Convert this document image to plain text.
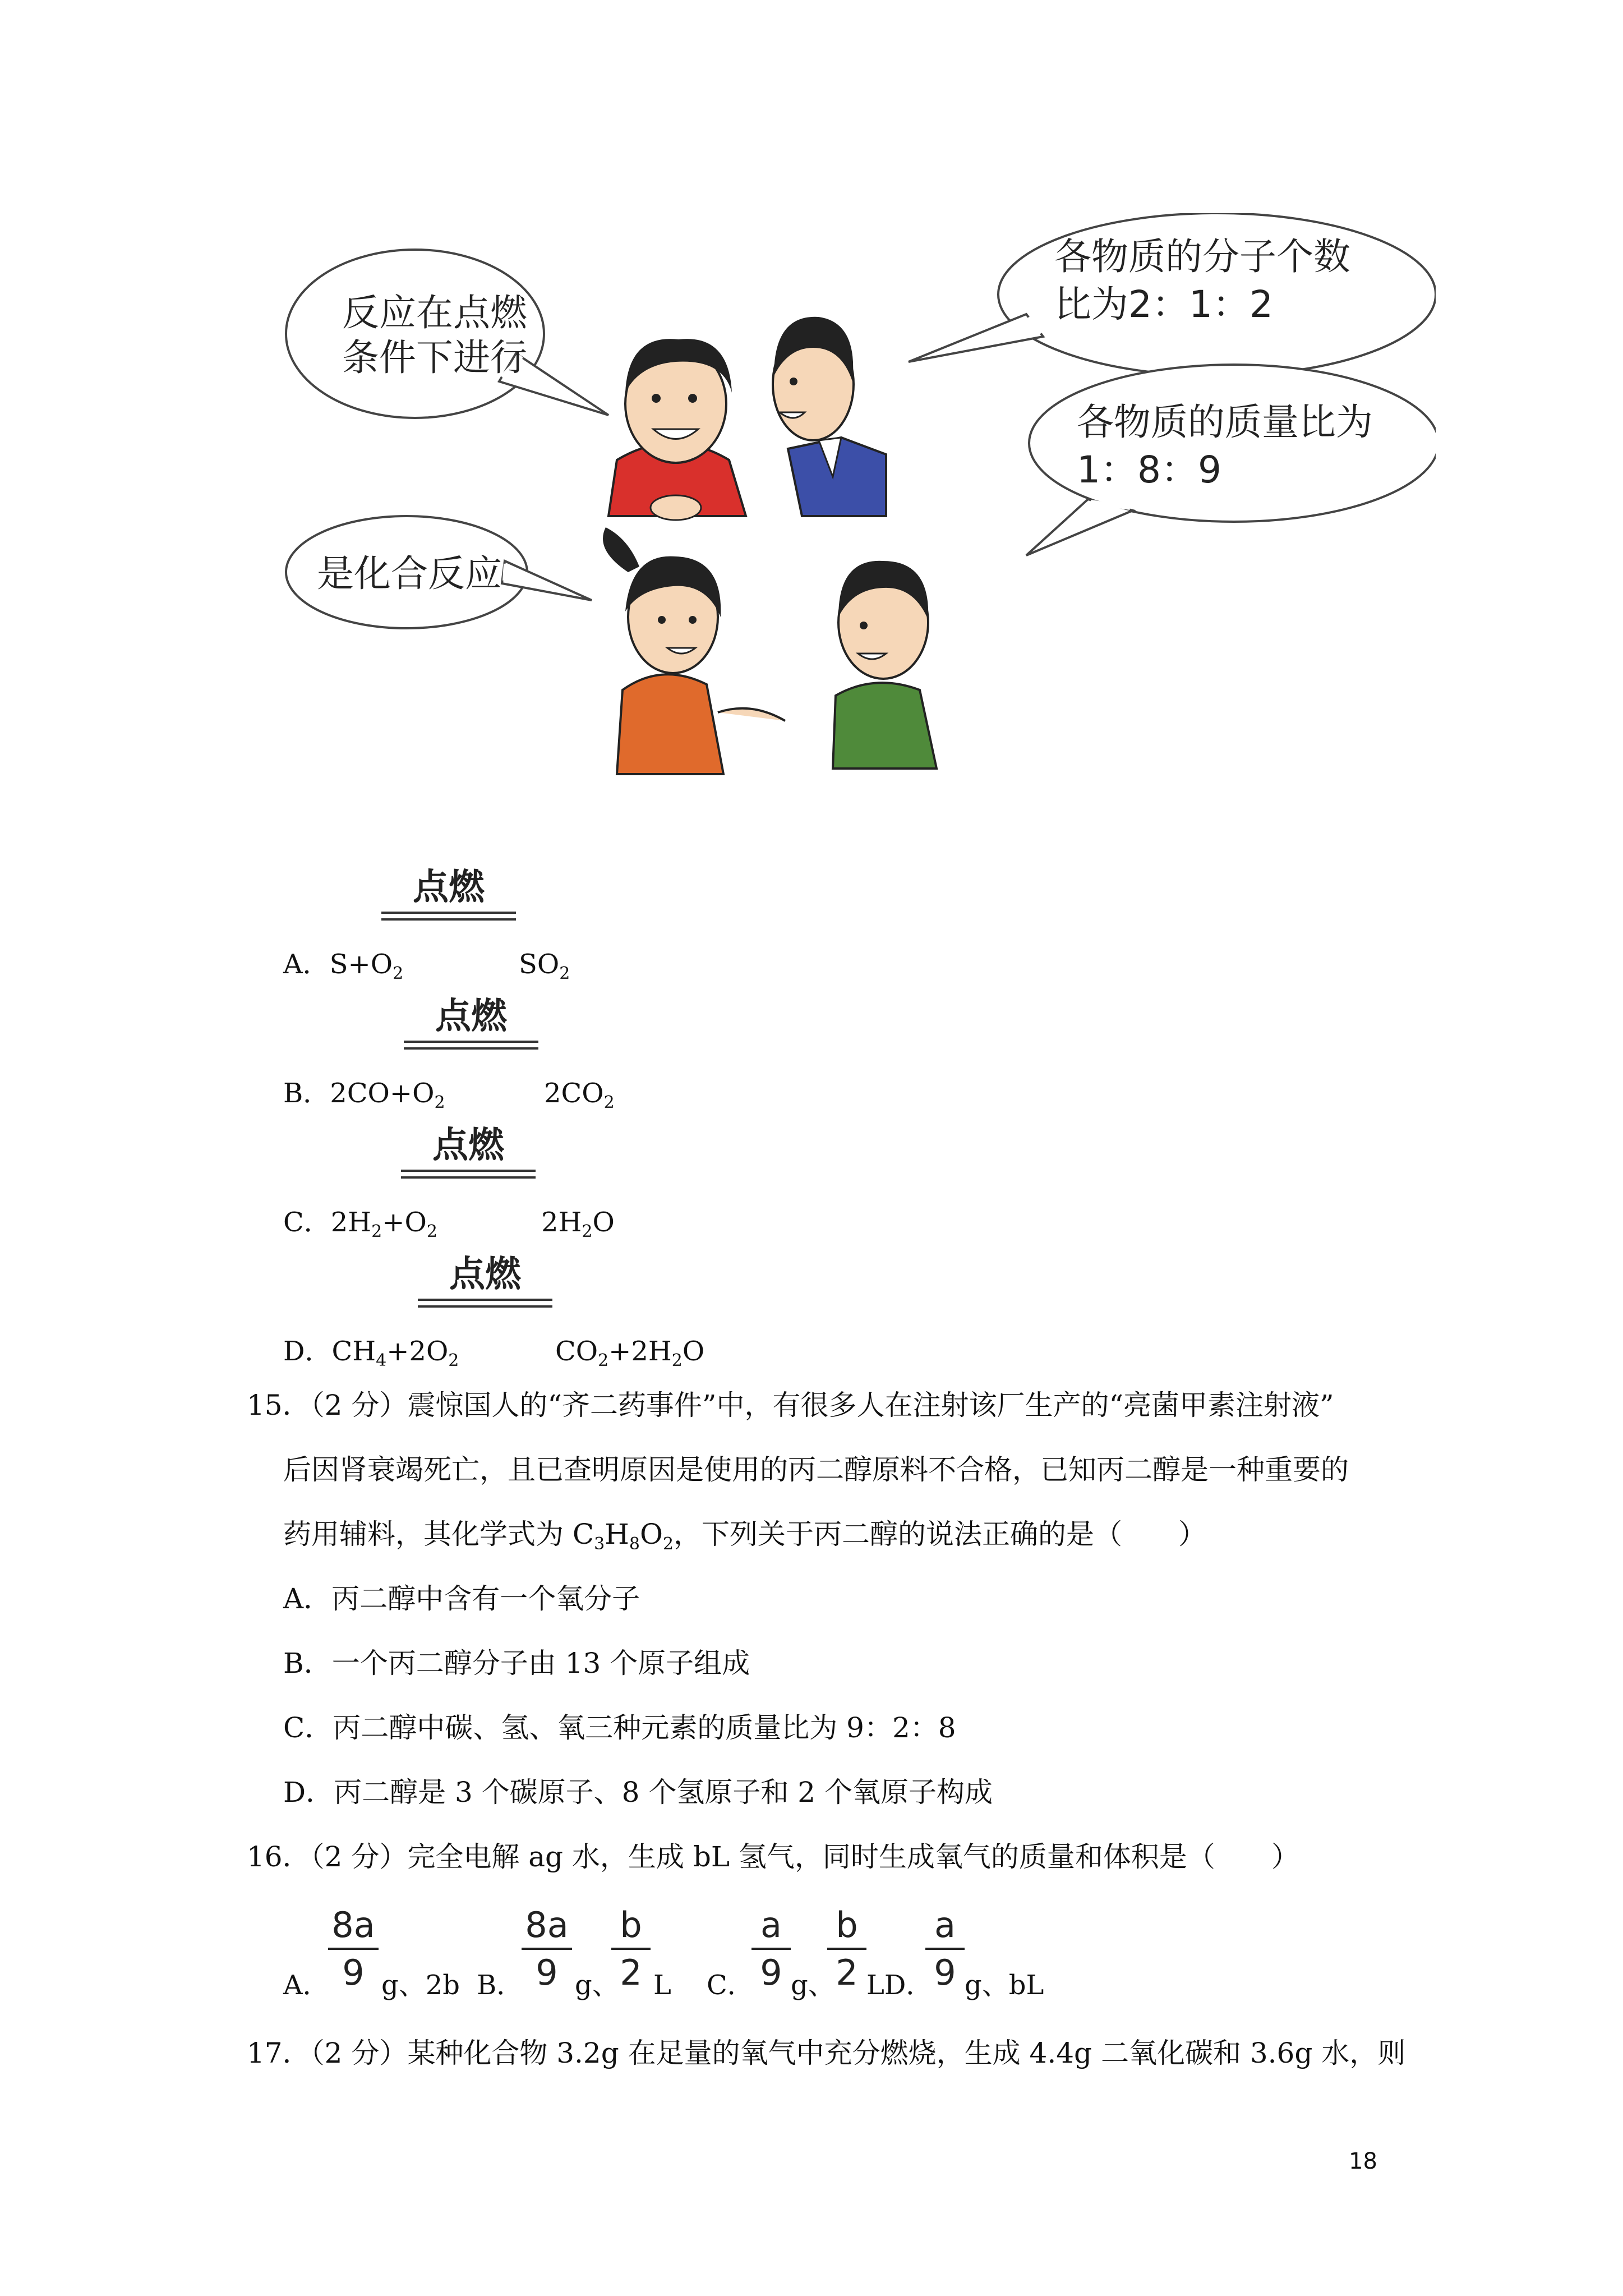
反应在点燃
条件下进行
各物质的分子个数
比为2：1：2
各物质的质量比为
1：8：9
是化合反应
点燃
A．$S+O_2$	$SO_2$
点燃
B．$2CO+O_2$	$2CO_2$
点燃
C．$2H_2+O_2$	$2H_2O$
点燃
D．$CH_4+2O_2$	$CO_2+2H_2O$
15．（2 分）震惊国人的“齐二药事件”中，有很多人在注射该厂生产的“亮菌甲素注射液”
后因肾衰竭死亡，且已查明原因是使用的丙二醇原料不合格，已知丙二醇是一种重要的
药用辅料，其化学式为 $C_3H_8O_2$，下列关于丙二醇的说法正确的是（　　）
A．丙二醇中含有一个氧分子
B．一个丙二醇分子由 13 个原子组成
C．丙二醇中碳、氢、氧三种元素的质量比为 9：2：8
D．丙二醇是 3 个碳原子、8 个氢原子和 2 个氧原子构成
16．（2 分）完全电解 ag 水，生成 bL 氢气，同时生成氧气的质量和体积是（　　）
A．
8a
9 g、2b B．
8a
9 g、
b
2 L C．
a
9 g、
b
2 LD．
a
9 g、bL
17．（2 分）某种化合物 3.2g 在足量的氧气中充分燃烧，生成 4.4g 二氧化碳和 3.6g 水，则
18
